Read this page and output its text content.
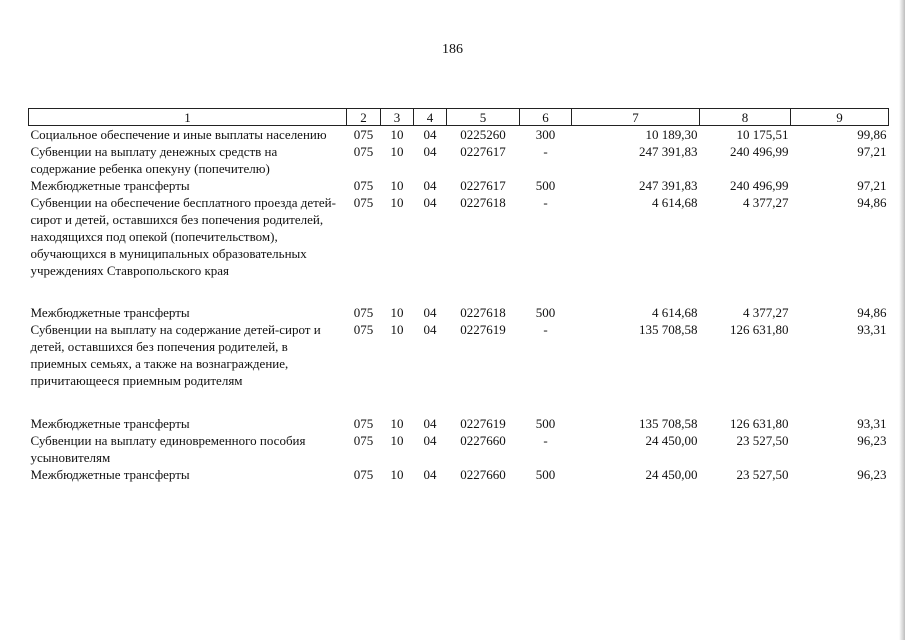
186
1	2	3	4	5	6	7	8	9
Социальное обеспечение и иные выплаты населению	075	10	04	0225260	300	10 189,30	10 175,51	99,86
Субвенции на выплату денежных средств на содержание ребенка опекуну (попечителю)	075	10	04	0227617	-	247 391,83	240 496,99	97,21
Межбюджетные трансферты	075	10	04	0227617	500	247 391,83	240 496,99	97,21
Субвенции на обеспечение бесплатного проезда детей-сирот и детей, оставшихся без попечения родителей, находящихся под опекой (попечительством), обучающихся в муниципальных образовательных учреждениях Ставропольского края	075	10	04	0227618	-	4 614,68	4 377,27	94,86
Межбюджетные трансферты	075	10	04	0227618	500	4 614,68	4 377,27	94,86
Субвенции на выплату на содержание детей-сирот и детей, оставшихся без попечения родителей, в приемных семьях, а также на вознаграждение, причитающееся приемным родителям	075	10	04	0227619	-	135 708,58	126 631,80	93,31
Межбюджетные трансферты	075	10	04	0227619	500	135 708,58	126 631,80	93,31
Субвенции на выплату единовременного пособия усыновителям	075	10	04	0227660	-	24 450,00	23 527,50	96,23
Межбюджетные трансферты	075	10	04	0227660	500	24 450,00	23 527,50	96,23
